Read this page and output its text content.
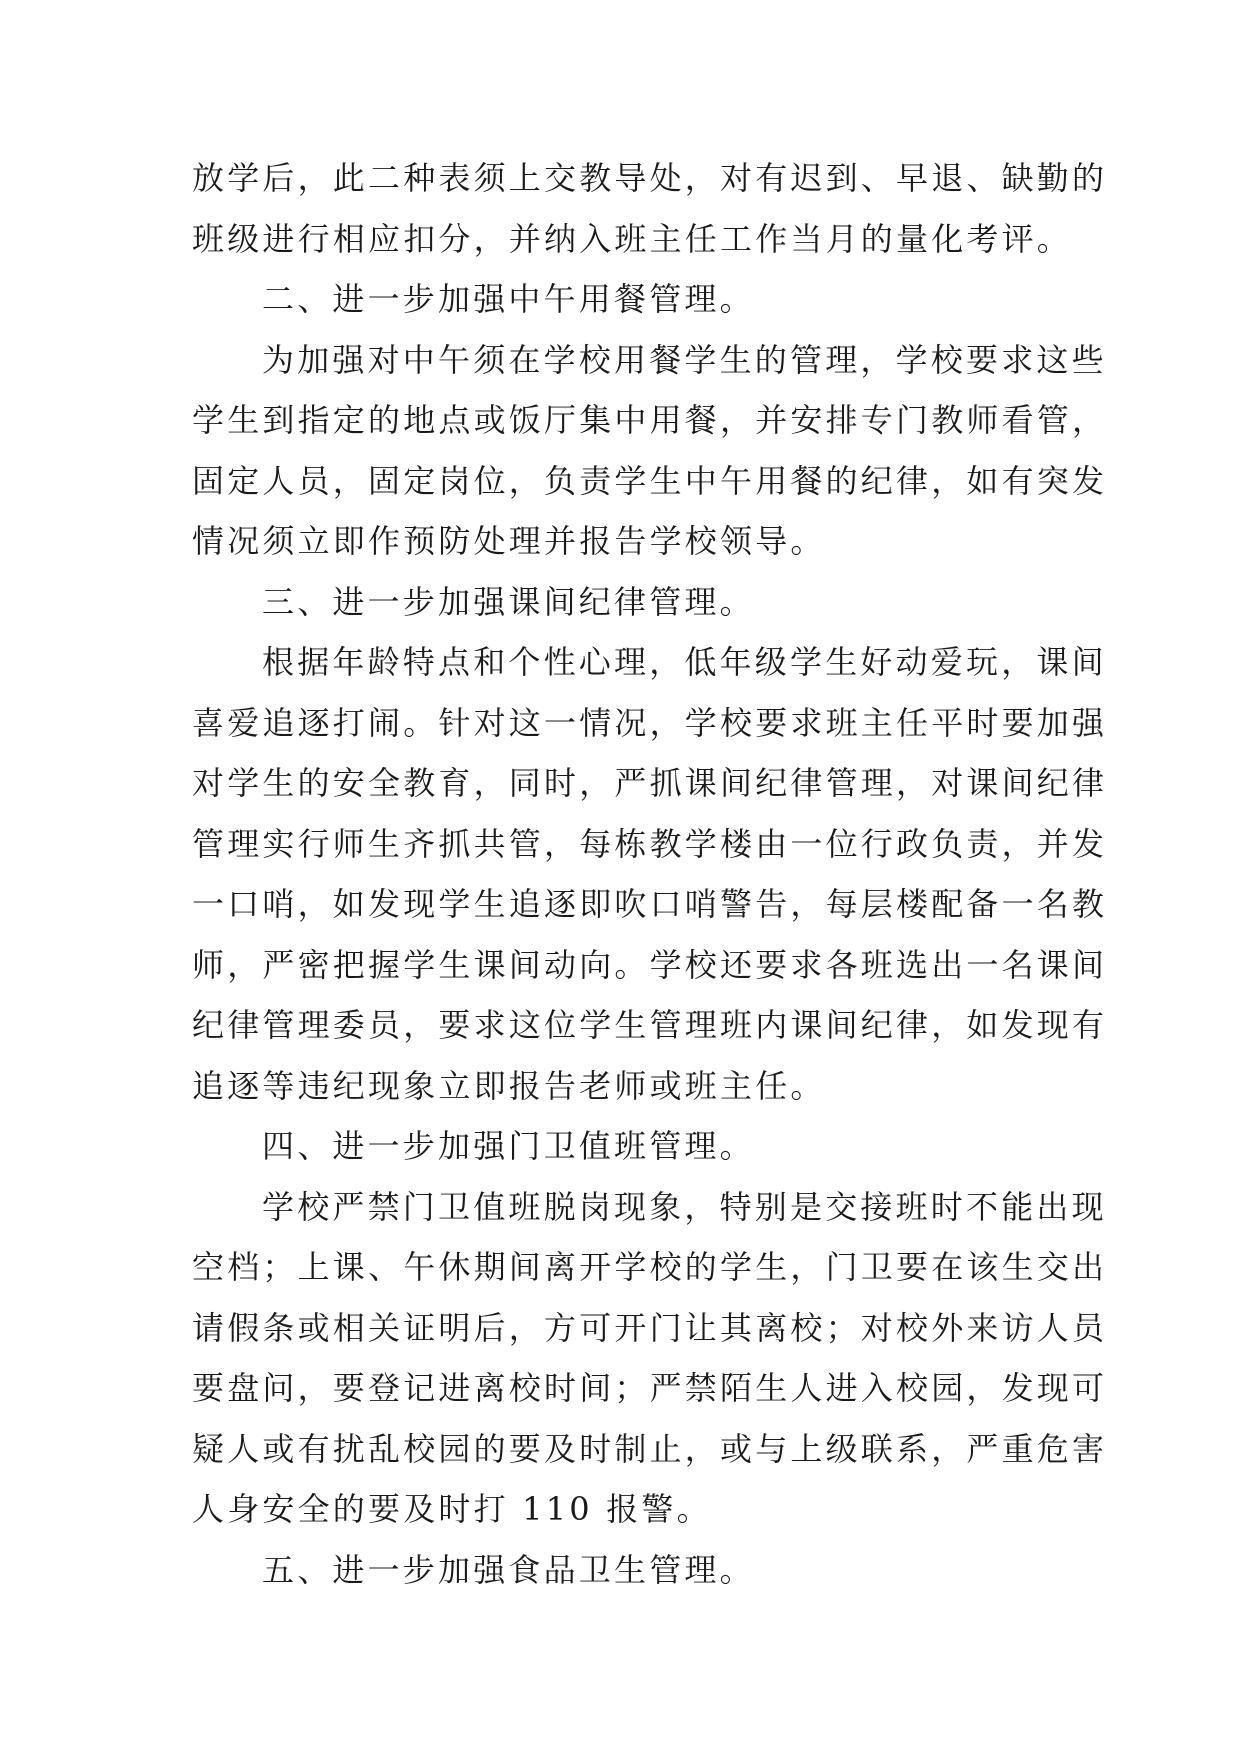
放学后，此二种表须上交教导处，对有迟到、早退、缺勤的
班级进行相应扣分，并纳入班主任工作当月的量化考评。

二、进一步加强中午用餐管理。

为加强对中午须在学校用餐学生的管理，学校要求这些
学生到指定的地点或饭厅集中用餐，并安排专门教师看管，
固定人员，固定岗位，负责学生中午用餐的纪律，如有突发
情况须立即作预防处理并报告学校领导。

三、进一步加强课间纪律管理。

根据年龄特点和个性心理，低年级学生好动爱玩，课间
喜爱追逐打闹。针对这一情况，学校要求班主任平时要加强
对学生的安全教育，同时，严抓课间纪律管理，对课间纪律
管理实行师生齐抓共管，每栋教学楼由一位行政负责，并发
一口哨，如发现学生追逐即吹口哨警告，每层楼配备一名教
师，严密把握学生课间动向。学校还要求各班选出一名课间
纪律管理委员，要求这位学生管理班内课间纪律，如发现有
追逐等违纪现象立即报告老师或班主任。

四、进一步加强门卫值班管理。

学校严禁门卫值班脱岗现象，特别是交接班时不能出现
空档；上课、午休期间离开学校的学生，门卫要在该生交出
请假条或相关证明后，方可开门让其离校；对校外来访人员
要盘问，要登记进离校时间；严禁陌生人进入校园，发现可
疑人或有扰乱校园的要及时制止，或与上级联系，严重危害
人身安全的要及时打 110 报警。

五、进一步加强食品卫生管理。
